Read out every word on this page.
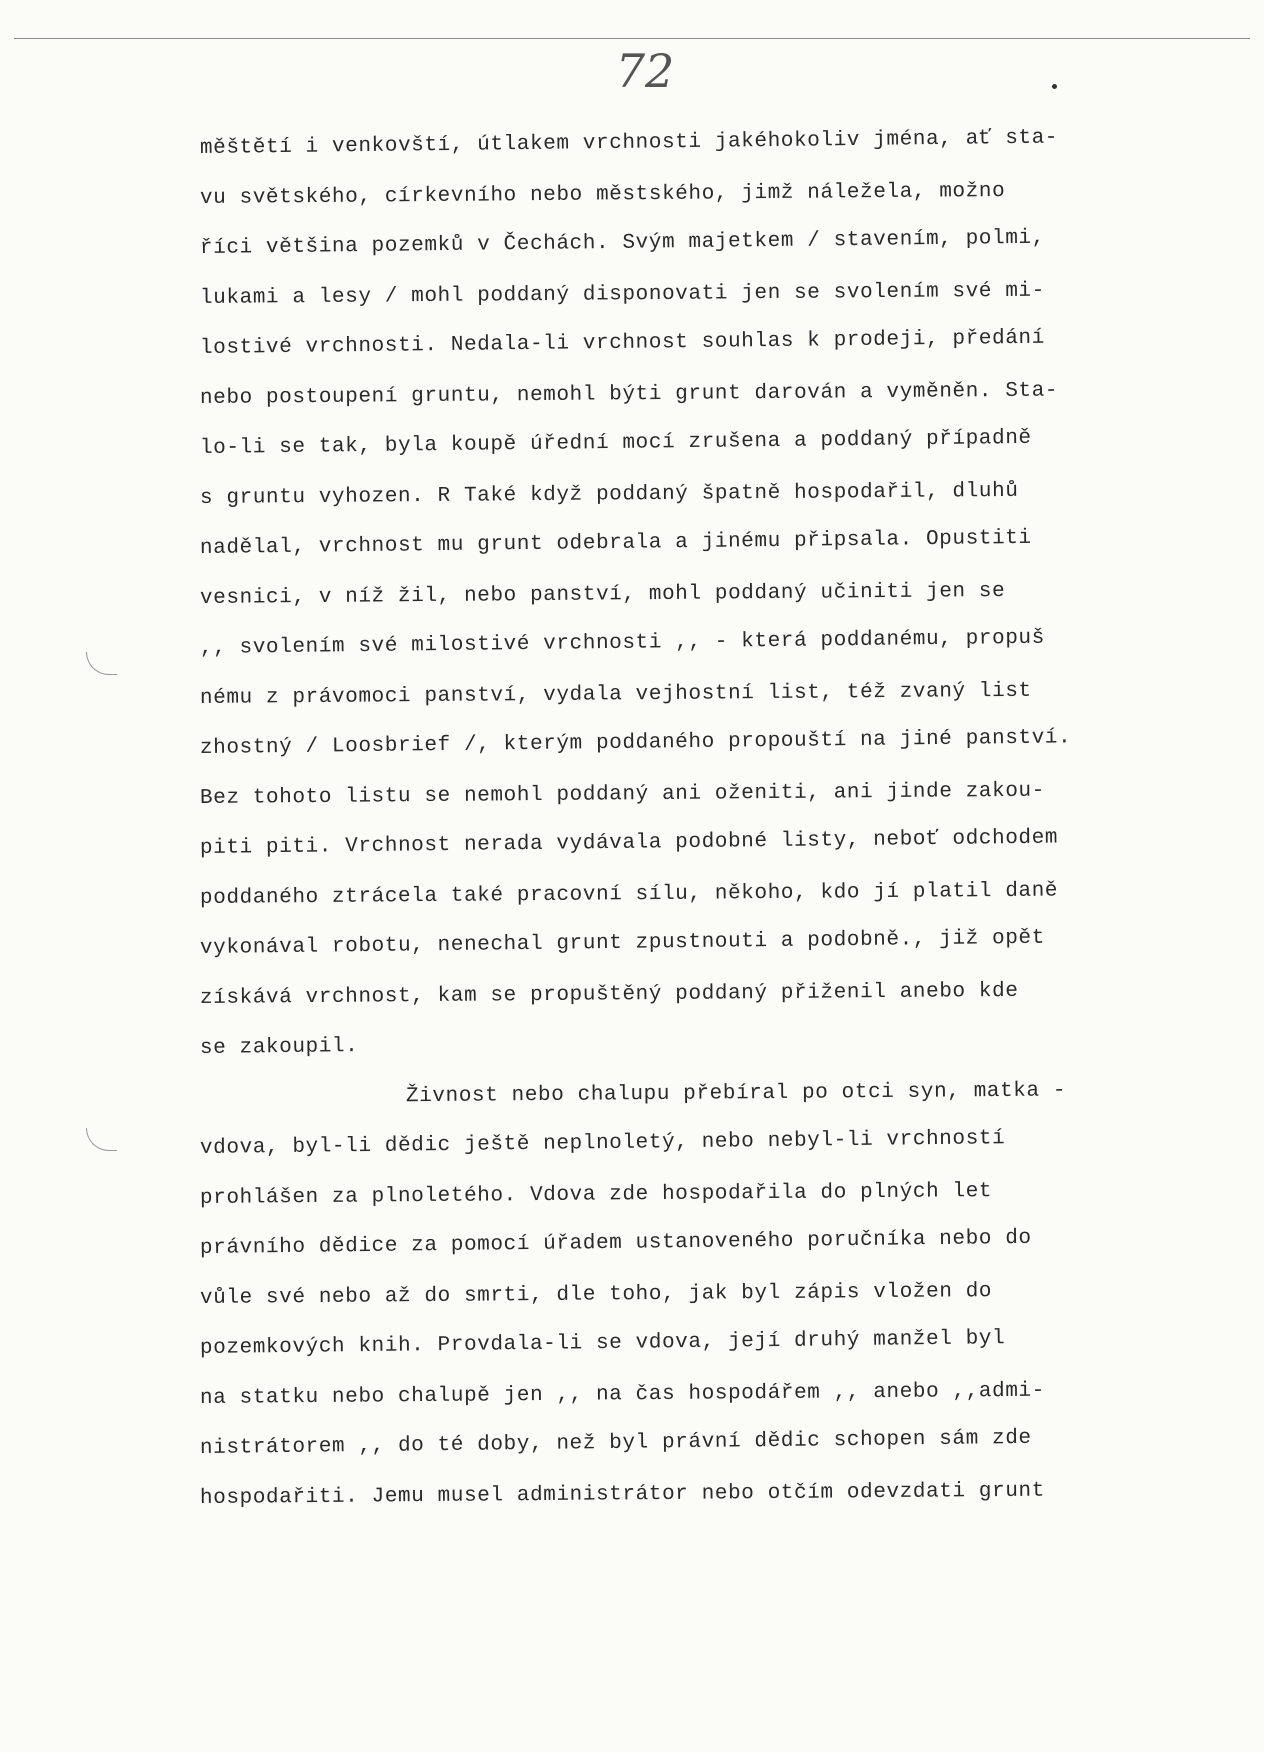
72
měštětí i venkovští, útlakem vrchnosti jakéhokoliv jména, ať sta-
vu světského, církevního nebo městského, jimž náležela, možno
říci většina pozemků v Čechách. Svým majetkem / stavením, polmi,
lukami a lesy / mohl poddaný disponovati jen se svolením své mi-
lostivé vrchnosti. Nedala-li vrchnost souhlas k prodeji, předání
nebo postoupení gruntu, nemohl býti grunt darován a vyměněn. Sta-
lo-li se tak, byla koupě úřední mocí zrušena a poddaný případně
s gruntu vyhozen. R Také když poddaný špatně hospodařil, dluhů
nadělal, vrchnost mu grunt odebrala a jinému připsala. Opustiti
vesnici, v níž žil, nebo panství, mohl poddaný učiniti jen se
,, svolením své milostivé vrchnosti ,, - která poddanému, propuš
nému z právomoci panství, vydala vejhostní list, též zvaný list
zhostný / Loosbrief /, kterým poddaného propouští na jiné panství.
Bez tohoto listu se nemohl poddaný ani oženiti, ani jinde zakou-
piti piti. Vrchnost nerada vydávala podobné listy, neboť odchodem
poddaného ztrácela také pracovní sílu, někoho, kdo jí platil daně
vykonával robotu, nenechal grunt zpustnouti a podobně., již opět
získává vrchnost, kam se propuštěný poddaný přiženil anebo kde
se zakoupil.
Živnost nebo chalupu přebíral po otci syn, matka -
vdova, byl-li dědic ještě neplnoletý, nebo nebyl-li vrchností
prohlášen za plnoletého. Vdova zde hospodařila do plných let
právního dědice za pomocí úřadem ustanoveného poručníka nebo do
vůle své nebo až do smrti, dle toho, jak byl zápis vložen do
pozemkových knih. Provdala-li se vdova, její druhý manžel byl
na statku nebo chalupě jen ,, na čas hospodářem ,, anebo ,,admi-
nistrátorem ,, do té doby, než byl právní dědic schopen sám zde
hospodařiti. Jemu musel administrátor nebo otčím odevzdati grunt
